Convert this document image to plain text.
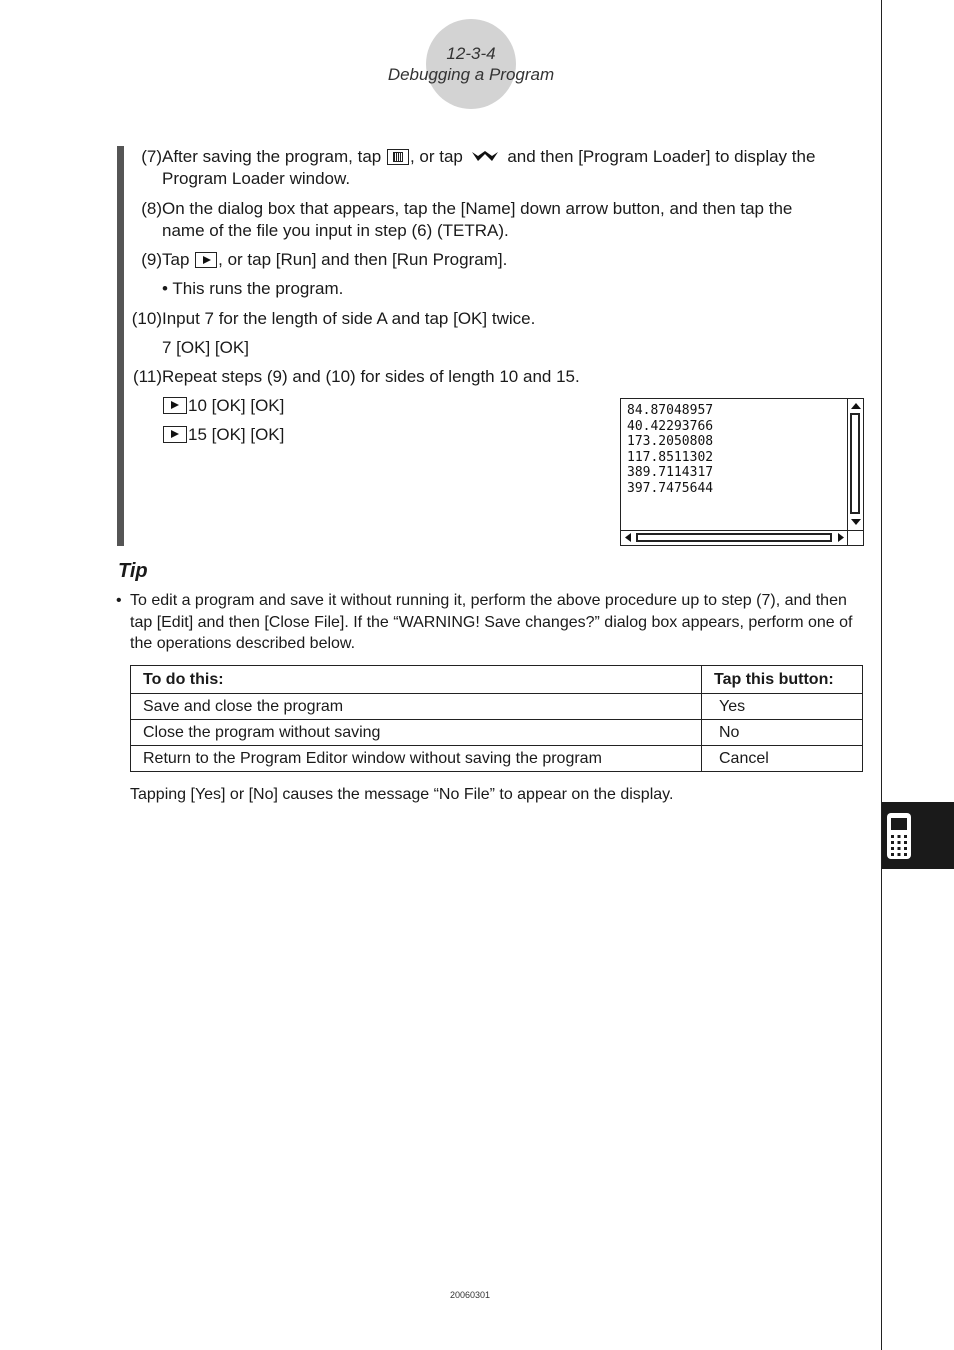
12-3-4
Debugging a Program
(7) After saving the program, tap
, or tap  and then [Program Loader] to display the
Program Loader window.
(8) On the dialog box that appears, tap the [Name] down arrow button, and then tap the
name of the file you input in step (6) (TETRA).
(9) Tap
, or tap [Run] and then [Run Program].
• This runs the program.
(10) Input 7 for the length of side A and tap [OK] twice.
7 [OK] [OK]
(11) Repeat steps (9) and (10) for sides of length 10 and 15.
10 [OK] [OK]
15 [OK] [OK]
84.87048957
40.42293766
173.2050808
117.8511302
389.7114317
397.7475644
Tip
• To edit a program and save it without running it, perform the above procedure up to step (7), and then tap [Edit] and then [Close File]. If the “WARNING! Save changes?” dialog box appears, perform one of the operations described below.
To do this:	Tap this button:
Save and close the program	Yes
Close the program without saving	No
Return to the Program Editor window without saving the program	Cancel
Tapping [Yes] or [No] causes the message “No File” to appear on the display.
20060301
